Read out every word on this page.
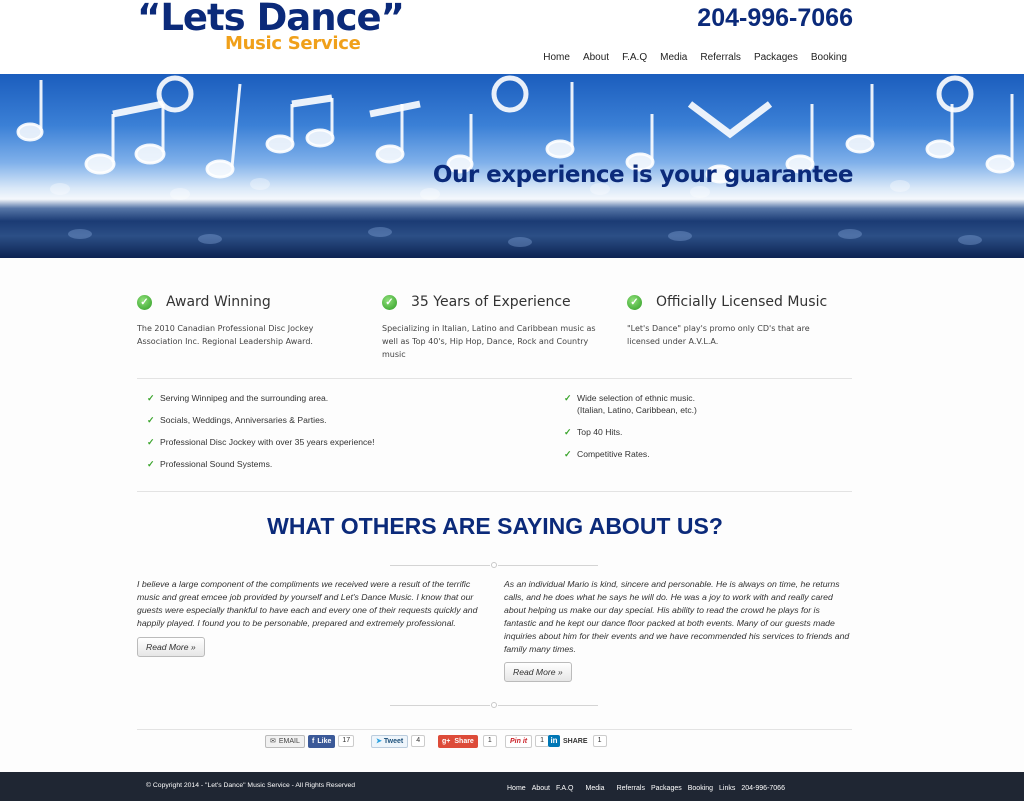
“Lets Dance”
Music Service
204-996-7066
Home About F.A.Q Media Referrals Packages Booking
Our experience is your guarantee
✓ Award Winning

The 2010 Canadian Professional Disc Jockey Association Inc. Regional Leadership Award.

✓ 35 Years of Experience

Specializing in Italian, Latino and Caribbean music as well as Top 40's, Hip Hop, Dance, Rock and Country music

✓ Officially Licensed Music

"Let's Dance" play's promo only CD's that are licensed under A.V.L.A.

✓ Serving Winnipeg and the surrounding area.
✓ Socials, Weddings, Anniversaries & Parties.
✓ Professional Disc Jockey with over 35 years experience!
✓ Professional Sound Systems.
✓ Wide selection of ethnic music.
(Italian, Latino, Caribbean, etc.)
✓ Top 40 Hits.
✓ Competitive Rates.
WHAT OTHERS ARE SAYING ABOUT US?
I believe a large component of the compliments we received were a result of the terrific music and great emcee job provided by yourself and Let's Dance Music. I know that our guests were especially thankful to have each and every one of their requests quickly and happily played. I found you to be personable, prepared and extremely professional.
Read More »
As an individual Mario is kind, sincere and personable. He is always on time, he returns calls, and he does what he says he will do. He was a joy to work with and really cared about helping us make our day special. His ability to read the crowd he plays for is fantastic and he kept our dance floor packed at both events. Many of our guests made inquiries about him for their events and we have recommended his services to friends and family many times.
Read More »
✉ EMAIL f Like	17	➤ Tweet	4	g+ Share	1	Pin it	1 in SHARE	1
© Copyright 2014 - "Let's Dance" Music Service - All Rights Reserved	Home About F.A.Q Media Referrals Packages Booking Links 204-996-7066
